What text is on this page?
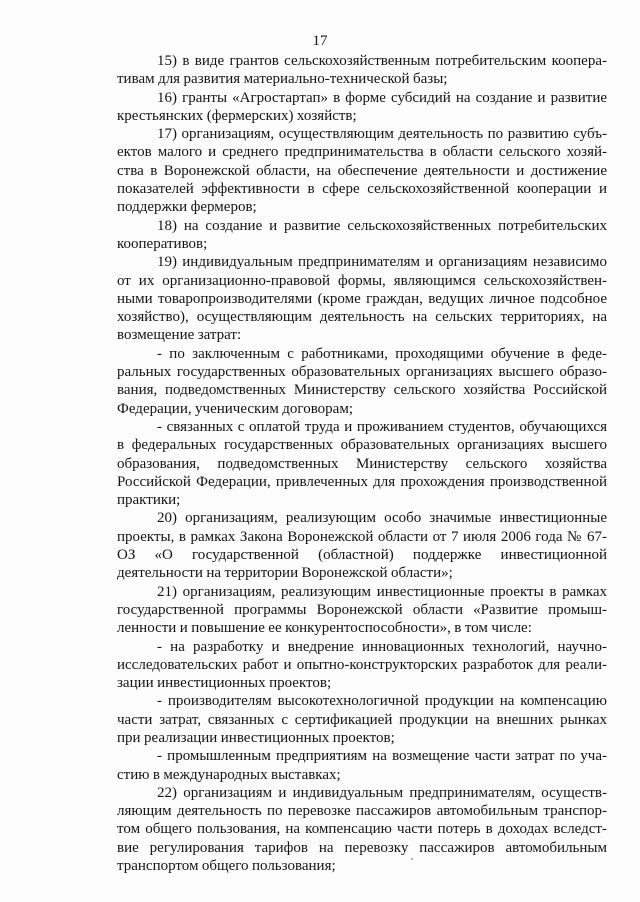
17

15) в виде грантов сельскохозяйственным потребительским кооперативам для развития материально-технической базы;

16) гранты «Агростартап» в форме субсидий на создание и развитие крестьянских (фермерских) хозяйств;

17) организациям, осуществляющим деятельность по развитию субъектов малого и среднего предпринимательства в области сельского хозяйства в Воронежской области, на обеспечение деятельности и достижение показателей эффективности в сфере сельскохозяйственной кооперации и поддержки фермеров;

18) на создание и развитие сельскохозяйственных потребительских кооперативов;

19) индивидуальным предпринимателям и организациям независимо от их организационно-правовой формы, являющимся сельскохозяйственными товаропроизводителями (кроме граждан, ведущих личное подсобное хозяйство), осуществляющим деятельность на сельских территориях, на возмещение затрат:

- по заключенным с работниками, проходящими обучение в федеральных государственных образовательных организациях высшего образования, подведомственных Министерству сельского хозяйства Российской Федерации, ученическим договорам;

- связанных с оплатой труда и проживанием студентов, обучающихся в федеральных государственных образовательных организациях высшего образования, подведомственных Министерству сельского хозяйства Российской Федерации, привлеченных для прохождения производственной практики;

20) организациям, реализующим особо значимые инвестиционные проекты, в рамках Закона Воронежской области от 7 июля 2006 года № 67-ОЗ «О государственной (областной) поддержке инвестиционной деятельности на территории Воронежской области»;

21) организациям, реализующим инвестиционные проекты в рамках государственной программы Воронежской области «Развитие промышленности и повышение ее конкурентоспособности», в том числе:

- на разработку и внедрение инновационных технологий, научно-исследовательских работ и опытно-конструкторских разработок для реализации инвестиционных проектов;

- производителям высокотехнологичной продукции на компенсацию части затрат, связанных с сертификацией продукции на внешних рынках при реализации инвестиционных проектов;

- промышленным предприятиям на возмещение части затрат по участию в международных выставках;

22) организациям и индивидуальным предпринимателям, осуществляющим деятельность по перевозке пассажиров автомобильным транспортом общего пользования, на компенсацию части потерь в доходах вследствие регулирования тарифов на перевозку пассажиров автомобильным транспортом общего пользования;
